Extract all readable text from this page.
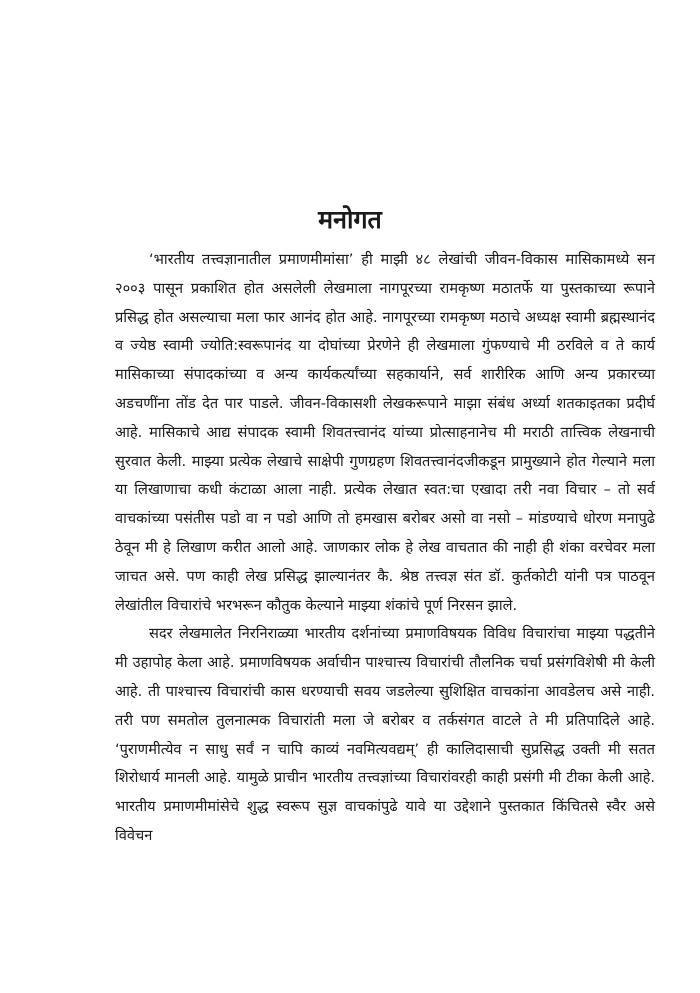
मनोगत

‘भारतीय तत्त्वज्ञानातील प्रमाणमीमांसा’ ही माझी ४८ लेखांची जीवन-विकास मासिकामध्ये सन २००३ पासून प्रकाशित होत असलेली लेखमाला नागपूरच्या रामकृष्ण मठातर्फे या पुस्तकाच्या रूपाने प्रसिद्ध होत असल्याचा मला फार आनंद होत आहे. नागपूरच्या रामकृष्ण मठाचे अध्यक्ष स्वामी ब्रह्मस्थानंद व ज्येष्ठ स्वामी ज्योति:स्वरूपानंद या दोघांच्या प्रेरणेने ही लेखमाला गुंफण्याचे मी ठरविले व ते कार्य मासिकाच्या संपादकांच्या व अन्य कार्यकर्त्यांच्या सहकार्याने, सर्व शारीरिक आणि अन्य प्रकारच्या अडचणींना तोंड देत पार पाडले. जीवन-विकासशी लेखकरूपाने माझा संबंध अर्ध्या शतकाइतका प्रदीर्घ आहे. मासिकाचे आद्य संपादक स्वामी शिवतत्त्वानंद यांच्या प्रोत्साहनानेच मी मराठी तात्त्विक लेखनाची सुरवात केली. माझ्या प्रत्येक लेखाचे साक्षेपी गुणग्रहण शिवतत्त्वानंदजीकडून प्रामुख्याने होत गेल्याने मला या लिखाणाचा कधी कंटाळा आला नाही. प्रत्येक लेखात स्वत:चा एखादा तरी नवा विचार – तो सर्व वाचकांच्या पसंतीस पडो वा न पडो आणि तो हमखास बरोबर असो वा नसो – मांडण्याचे धोरण मनापुढे ठेवून मी हे लिखाण करीत आलो आहे. जाणकार लोक हे लेख वाचतात की नाही ही शंका वरचेवर मला जाचत असे. पण काही लेख प्रसिद्ध झाल्यानंतर कै. श्रेष्ठ तत्त्वज्ञ संत डॉ. कुर्तकोटी यांनी पत्र पाठवून लेखांतील विचारांचे भरभरून कौतुक केल्याने माझ्या शंकांचे पूर्ण निरसन झाले.

सदर लेखमालेत निरनिराळ्या भारतीय दर्शनांच्या प्रमाणविषयक विविध विचारांचा माझ्या पद्धतीने मी उहापोह केला आहे. प्रमाणविषयक अर्वाचीन पाश्चात्त्य विचारांची तौलनिक चर्चा प्रसंगविशेषी मी केली आहे. ती पाश्चात्त्य विचारांची कास धरण्याची सवय जडलेल्या सुशिक्षित वाचकांना आवडेलच असे नाही. तरी पण समतोल तुलनात्मक विचारांती मला जे बरोबर व तर्कसंगत वाटले ते मी प्रतिपादिले आहे. ‘पुराणमीत्येव न साधु सर्वं न चापि काव्यं नवमित्यवद्यम्’ ही कालिदासाची सुप्रसिद्ध उक्ती मी सतत शिरोधार्य मानली आहे. यामुळे प्राचीन भारतीय तत्त्वज्ञांच्या विचारांवरही काही प्रसंगी मी टीका केली आहे. भारतीय प्रमाणमीमांसेचे शुद्ध स्वरूप सुज्ञ वाचकांपुढे यावे या उद्देशाने पुस्तकात किंचितसे स्वैर असे विवेचन
